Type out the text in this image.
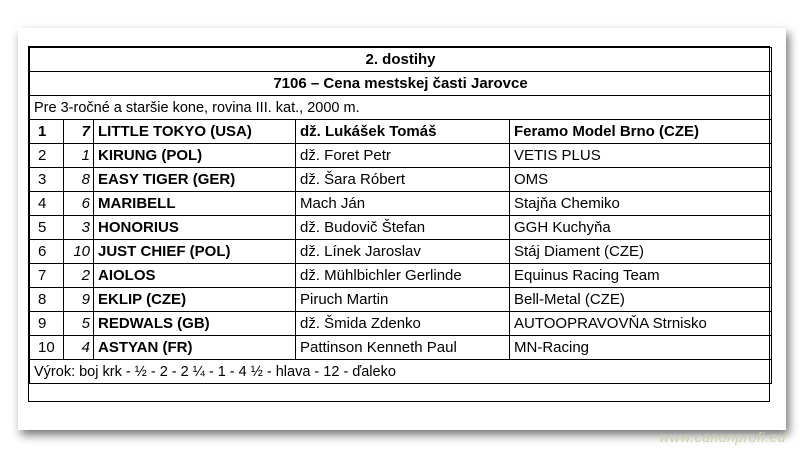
2. dostihy				
7106 – Cena mestskej časti Jarovce				
Pre 3-ročné a staršie kone, rovina III. kat., 2000 m.				
1	7	LITTLE TOKYO (USA)	dž. Lukášek Tomáš	Feramo Model Brno (CZE)
2	1	KIRUNG (POL)	dž. Foret Petr	VETIS PLUS
3	8	EASY TIGER (GER)	dž. Šara Róbert	OMS
4	6	MARIBELL	Mach Ján	Stajňa Chemiko
5	3	HONORIUS	dž. Budovič Štefan	GGH Kuchyňa
6	10	JUST CHIEF (POL)	dž. Línek Jaroslav	Stáj Diament (CZE)
7	2	AIOLOS	dž. Mühlbichler Gerlinde	Equinus Racing Team
8	9	EKLIP (CZE)	Piruch Martin	Bell-Metal (CZE)
9	5	REDWALS (GB)	dž. Šmida Zdenko	AUTOOPRAVOVŇA Strnisko
10	4	ASTYAN (FR)	Pattinson Kenneth Paul	MN-Racing
Výrok: boj krk - ½ - 2 - 2 ¼ - 1 - 4 ½ - hlava - 12 - ďaleko				
www.canonprofi.eu
